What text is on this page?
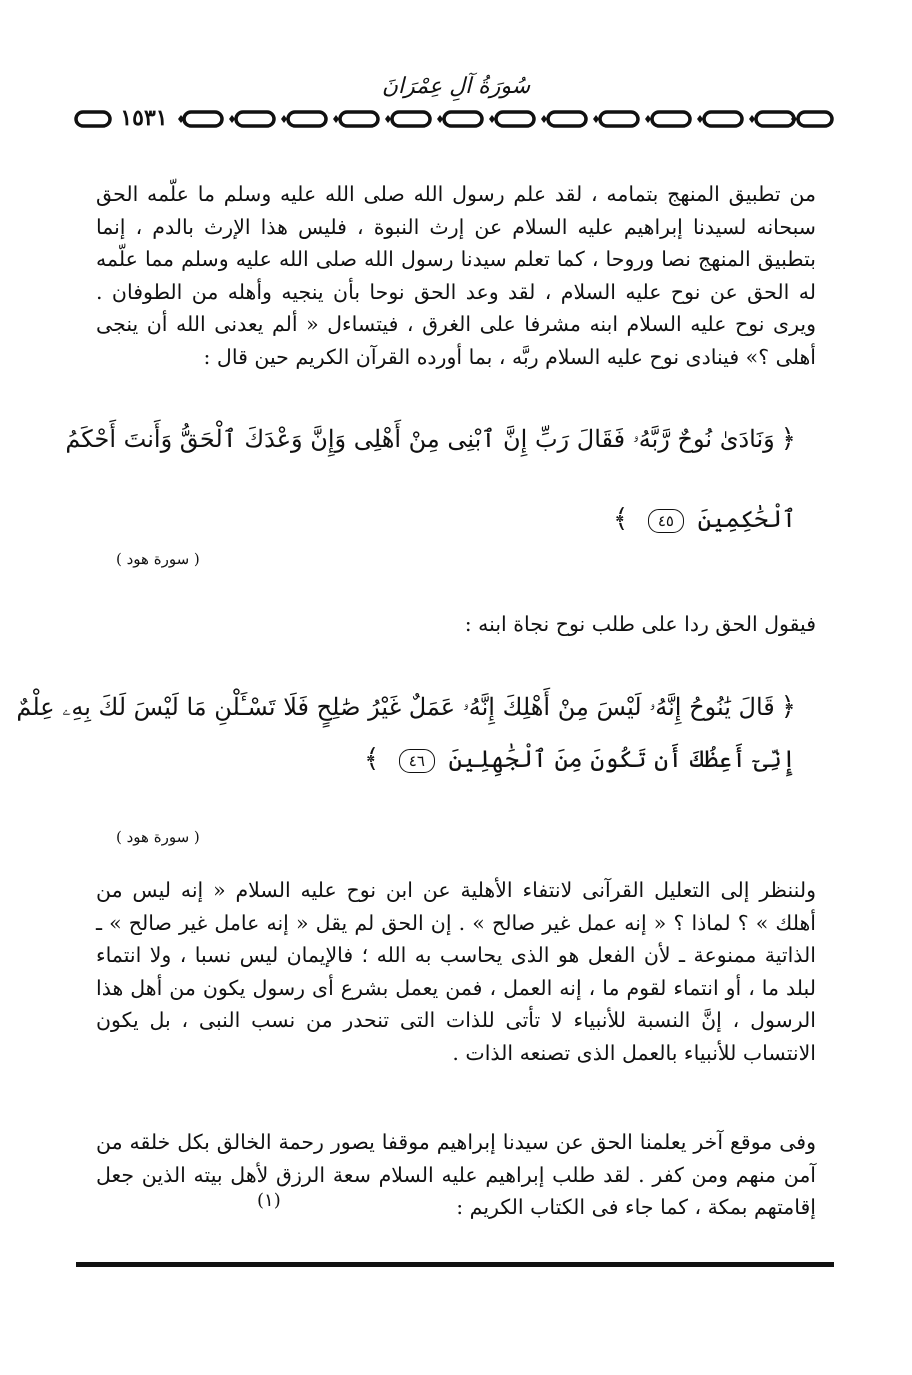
سُورَةُ آلِ عِمْرَانَ
١٥٣١

من تطبيق المنهج بتمامه ، لقد علم رسول الله صلى الله عليه وسلم ما علّمه الحق سبحانه لسيدنا إبراهيم عليه السلام عن إرث النبوة ، فليس هذا الإرث بالدم ، إنما بتطبيق المنهج نصا وروحا ، كما تعلم سيدنا رسول الله صلى الله عليه وسلم مما علّمه له الحق عن نوح عليه السلام ، لقد وعد الحق نوحا بأن ينجيه وأهله من الطوفان . ويرى نوح عليه السلام ابنه مشرفا على الغرق ، فيتساءل « ألم يعدنى الله أن ينجى أهلى ؟» فينادى نوح عليه السلام ربَّه ، بما أورده القرآن الكريم حين قال :

﴿وَنَادَىٰ نُوحٌ رَّبَّهُۥ فَقَالَ رَبِّ إِنَّ ٱبْنِى مِنْ أَهْلِى وَإِنَّ وَعْدَكَ ٱلْحَقُّ وَأَنتَ أَحْكَمُ
ٱلْحَٰكِمِينَ ٤٥ ﴾
( سورة هود )

فيقول الحق ردا على طلب نوح نجاة ابنه :

﴿قَالَ يَٰنُوحُ إِنَّهُۥ لَيْسَ مِنْ أَهْلِكَ إِنَّهُۥ عَمَلٌ غَيْرُ صَٰلِحٍ فَلَا تَسْـَٔلْنِ مَا لَيْسَ لَكَ بِهِۦ عِلْمٌ
إِنِّىٓ أَعِظُكَ أَن تَكُونَ مِنَ ٱلْجَٰهِلِينَ ٤٦ ﴾
( سورة هود )

ولننظر إلى التعليل القرآنى لانتفاء الأهلية عن ابن نوح عليه السلام « إنه ليس من أهلك » ؟ لماذا ؟ « إنه عمل غير صالح » . إن الحق لم يقل « إنه عامل غير صالح » ـ الذاتية ممنوعة ـ لأن الفعل هو الذى يحاسب به الله ؛ فالإيمان ليس نسبا ، ولا انتماء لبلد ما ، أو انتماء لقوم ما ، إنه العمل ، فمن يعمل بشرع أى رسول يكون من أهل هذا الرسول ، إنَّ النسبة للأنبياء لا تأتى للذات التى تنحدر من نسب النبى ، بل يكون الانتساب للأنبياء بالعمل الذى تصنعه الذات .

وفى موقع آخر يعلمنا الحق عن سيدنا إبراهيم موقفا يصور رحمة الخالق بكل خلقه من آمن منهم ومن كفر . لقد طلب إبراهيم عليه السلام سعة الرزق لأهل بيته الذين جعل إقامتهم بمكة ، كما جاء فى الكتاب الكريم :

(١)
